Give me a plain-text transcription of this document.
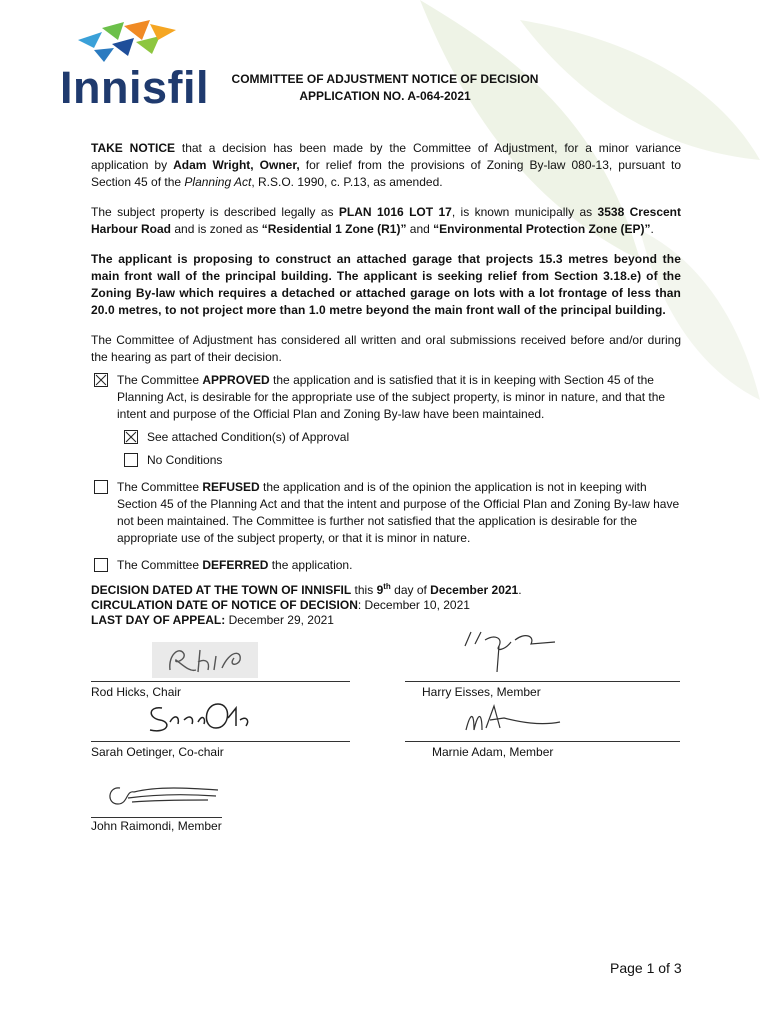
Innisfil	COMMITTEE OF ADJUSTMENT NOTICE OF DECISION
APPLICATION NO. A-064-2021

TAKE NOTICE that a decision has been made by the Committee of Adjustment, for a minor variance application by Adam Wright, Owner, for relief from the provisions of Zoning By-law 080-13, pursuant to Section 45 of the Planning Act, R.S.O. 1990, c. P.13, as amended.

The subject property is described legally as PLAN 1016 LOT 17, is known municipally as 3538 Crescent Harbour Road and is zoned as “Residential 1 Zone (R1)” and “Environmental Protection Zone (EP)”.

The applicant is proposing to construct an attached garage that projects 15.3 metres beyond the main front wall of the principal building. The applicant is seeking relief from Section 3.18.e) of the Zoning By-law which requires a detached or attached garage on lots with a lot frontage of less than 20.0 metres, to not project more than 1.0 metre beyond the main front wall of the principal building.

The Committee of Adjustment has considered all written and oral submissions received before and/or during the hearing as part of their decision.

The Committee APPROVED the application and is satisfied that it is in keeping with Section 45 of the Planning Act, is desirable for the appropriate use of the subject property, is minor in nature, and that the intent and purpose of the Official Plan and Zoning By-law have been maintained.
See attached Condition(s) of Approval
No Conditions
The Committee REFUSED the application and is of the opinion the application is not in keeping with Section 45 of the Planning Act and that the intent and purpose of the Official Plan and Zoning By-law have not been maintained. The Committee is further not satisfied that the application is desirable for the appropriate use of the subject property, or that it is minor in nature.
The Committee DEFERRED the application.
DECISION DATED AT THE TOWN OF INNISFIL this 9th day of December 2021.
CIRCULATION DATE OF NOTICE OF DECISION: December 10, 2021
LAST DAY OF APPEAL: December 29, 2021
Rod Hicks, Chair	Harry Eisses, Member
Sarah Oetinger, Co-chair	Marnie Adam, Member
John Raimondi, Member
Page 1 of 3
